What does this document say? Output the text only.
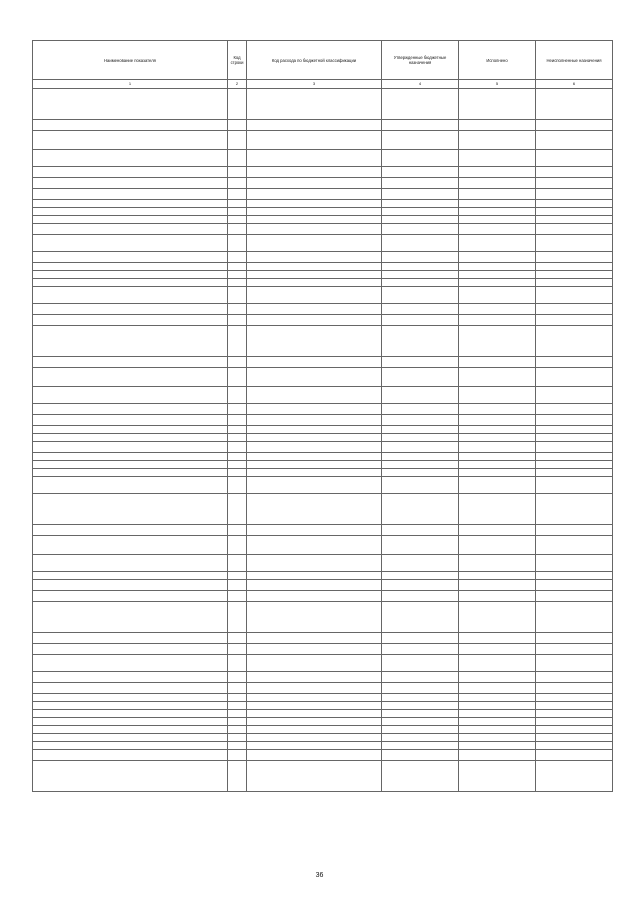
Наименование показателя	Код строки	Код расхода по бюджетной классификации	Утвержденные бюджетные назначения	Исполнено	Неисполненные назначения
1	2	3	4	5	6

36
